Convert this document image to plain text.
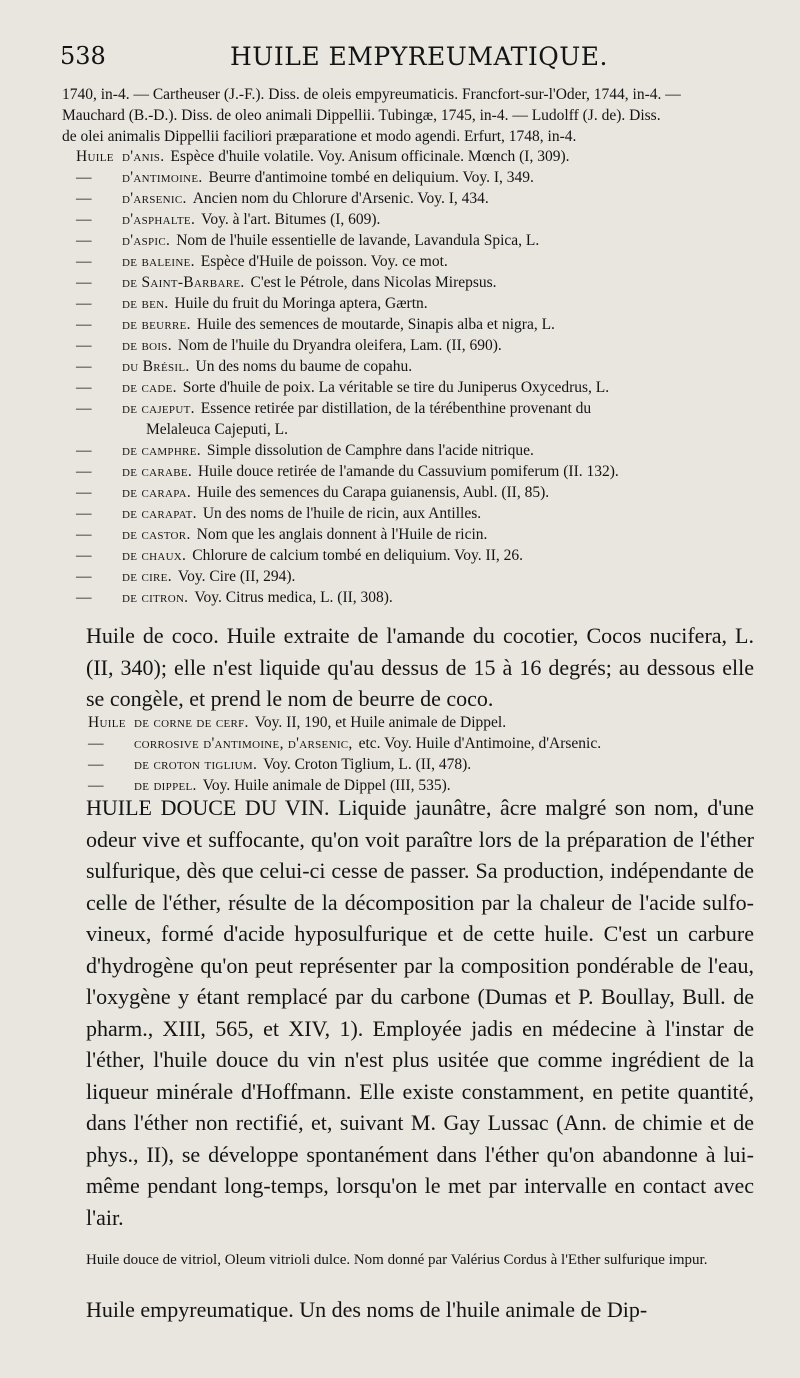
538	HUILE EMPYREUMATIQUE.
1740, in-4. — Cartheuser (J.-F.). Diss. de oleis empyreumaticis. Francfort-sur-l'Oder, 1744, in-4. —
Mauchard (B.-D.). Diss. de oleo animali Dippellii. Tubingæ, 1745, in-4. — Ludolff (J. de). Diss.
de olei animalis Dippellii faciliori præparatione et modo agendi. Erfurt, 1748, in-4.
Huile d'anis. Espèce d'huile volatile. Voy. Anisum officinale. Mœnch (I, 309).
—	d'antimoine. Beurre d'antimoine tombé en deliquium. Voy. I, 349.
—	d'arsenic. Ancien nom du Chlorure d'Arsenic. Voy. I, 434.
—	d'asphalte. Voy. à l'art. Bitumes (I, 609).
—	d'aspic. Nom de l'huile essentielle de lavande, Lavandula Spica, L.
—	de baleine. Espèce d'Huile de poisson. Voy. ce mot.
—	de Saint-Barbare. C'est le Pétrole, dans Nicolas Mirepsus.
—	de ben. Huile du fruit du Moringa aptera, Gærtn.
—	de beurre. Huile des semences de moutarde, Sinapis alba et nigra, L.
—	de bois. Nom de l'huile du Dryandra oleifera, Lam. (II, 690).
—	du Brésil. Un des noms du baume de copahu.
—	de cade. Sorte d'huile de poix. La véritable se tire du Juniperus Oxycedrus, L.
—	de cajeput. Essence retirée par distillation, de la térébenthine provenant du
Melaleuca Cajeputi, L.
—	de camphre. Simple dissolution de Camphre dans l'acide nitrique.
—	de carabe. Huile douce retirée de l'amande du Cassuvium pomiferum (II. 132).
—	de carapa. Huile des semences du Carapa guianensis, Aubl. (II, 85).
—	de carapat. Un des noms de l'huile de ricin, aux Antilles.
—	de castor. Nom que les anglais donnent à l'Huile de ricin.
—	de chaux. Chlorure de calcium tombé en deliquium. Voy. II, 26.
—	de cire. Voy. Cire (II, 294).
—	de citron. Voy. Citrus medica, L. (II, 308).
Huile de coco. Huile extraite de l'amande du cocotier, Cocos nucifera, L. (II, 340); elle n'est liquide qu'au dessus de 15 à 16 degrés; au dessous elle se congèle, et prend le nom de beurre de coco.
Huile de corne de cerf. Voy. II, 190, et Huile animale de Dippel.
—	corrosive d'antimoine, d'arsenic, etc. Voy. Huile d'Antimoine, d'Arsenic.
—	de croton tiglium. Voy. Croton Tiglium, L. (II, 478).
—	de dippel. Voy. Huile animale de Dippel (III, 535).
HUILE DOUCE DU VIN. Liquide jaunâtre, âcre malgré son nom, d'une odeur vive et suffocante, qu'on voit paraître lors de la préparation de l'éther sulfurique, dès que celui-ci cesse de passer. Sa production, indépendante de celle de l'éther, résulte de la décomposition par la chaleur de l'acide sulfo-vineux, formé d'acide hyposulfurique et de cette huile. C'est un carbure d'hydrogène qu'on peut représenter par la composition pondérable de l'eau, l'oxygène y étant remplacé par du carbone (Dumas et P. Boullay, Bull. de pharm., XIII, 565, et XIV, 1). Employée jadis en médecine à l'instar de l'éther, l'huile douce du vin n'est plus usitée que comme ingrédient de la liqueur minérale d'Hoffmann. Elle existe constamment, en petite quantité, dans l'éther non rectifié, et, suivant M. Gay Lussac (Ann. de chimie et de phys., II), se développe spontanément dans l'éther qu'on abandonne à lui-même pendant long-temps, lorsqu'on le met par intervalle en contact avec l'air.
Huile douce de vitriol, Oleum vitrioli dulce. Nom donné par Valérius Cordus à l'Ether sulfurique impur.
Huile empyreumatique. Un des noms de l'huile animale de Dip-
